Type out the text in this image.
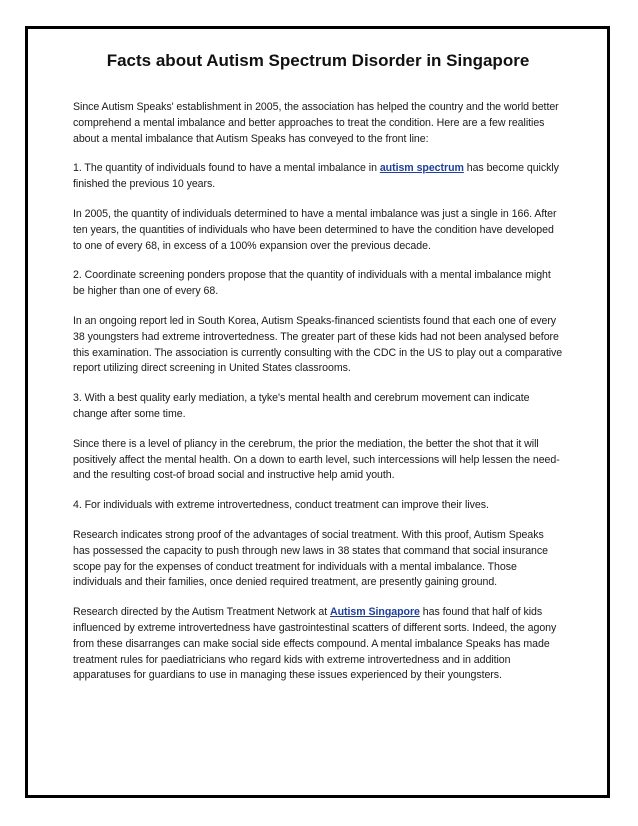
Facts about Autism Spectrum Disorder in Singapore

Since Autism Speaks' establishment in 2005, the association has helped the country and the world better comprehend a mental imbalance and better approaches to treat the condition. Here are a few realities about a mental imbalance that Autism Speaks has conveyed to the front line:

1. The quantity of individuals found to have a mental imbalance in autism spectrum has become quickly finished the previous 10 years.

In 2005, the quantity of individuals determined to have a mental imbalance was just a single in 166. After ten years, the quantities of individuals who have been determined to have the condition have developed to one of every 68, in excess of a 100% expansion over the previous decade.

2. Coordinate screening ponders propose that the quantity of individuals with a mental imbalance might be higher than one of every 68.

In an ongoing report led in South Korea, Autism Speaks-financed scientists found that each one of every 38 youngsters had extreme introvertedness. The greater part of these kids had not been analysed before this examination. The association is currently consulting with the CDC in the US to play out a comparative report utilizing direct screening in United States classrooms.

3. With a best quality early mediation, a tyke's mental health and cerebrum movement can indicate change after some time.

Since there is a level of pliancy in the cerebrum, the prior the mediation, the better the shot that it will positively affect the mental health. On a down to earth level, such intercessions will help lessen the need-and the resulting cost-of broad social and instructive help amid youth.

4. For individuals with extreme introvertedness, conduct treatment can improve their lives.

Research indicates strong proof of the advantages of social treatment. With this proof, Autism Speaks has possessed the capacity to push through new laws in 38 states that command that social insurance scope pay for the expenses of conduct treatment for individuals with a mental imbalance. Those individuals and their families, once denied required treatment, are presently gaining ground.

Research directed by the Autism Treatment Network at Autism Singapore has found that half of kids influenced by extreme introvertedness have gastrointestinal scatters of different sorts. Indeed, the agony from these disarranges can make social side effects compound. A mental imbalance Speaks has made treatment rules for paediatricians who regard kids with extreme introvertedness and in addition apparatuses for guardians to use in managing these issues experienced by their youngsters.
